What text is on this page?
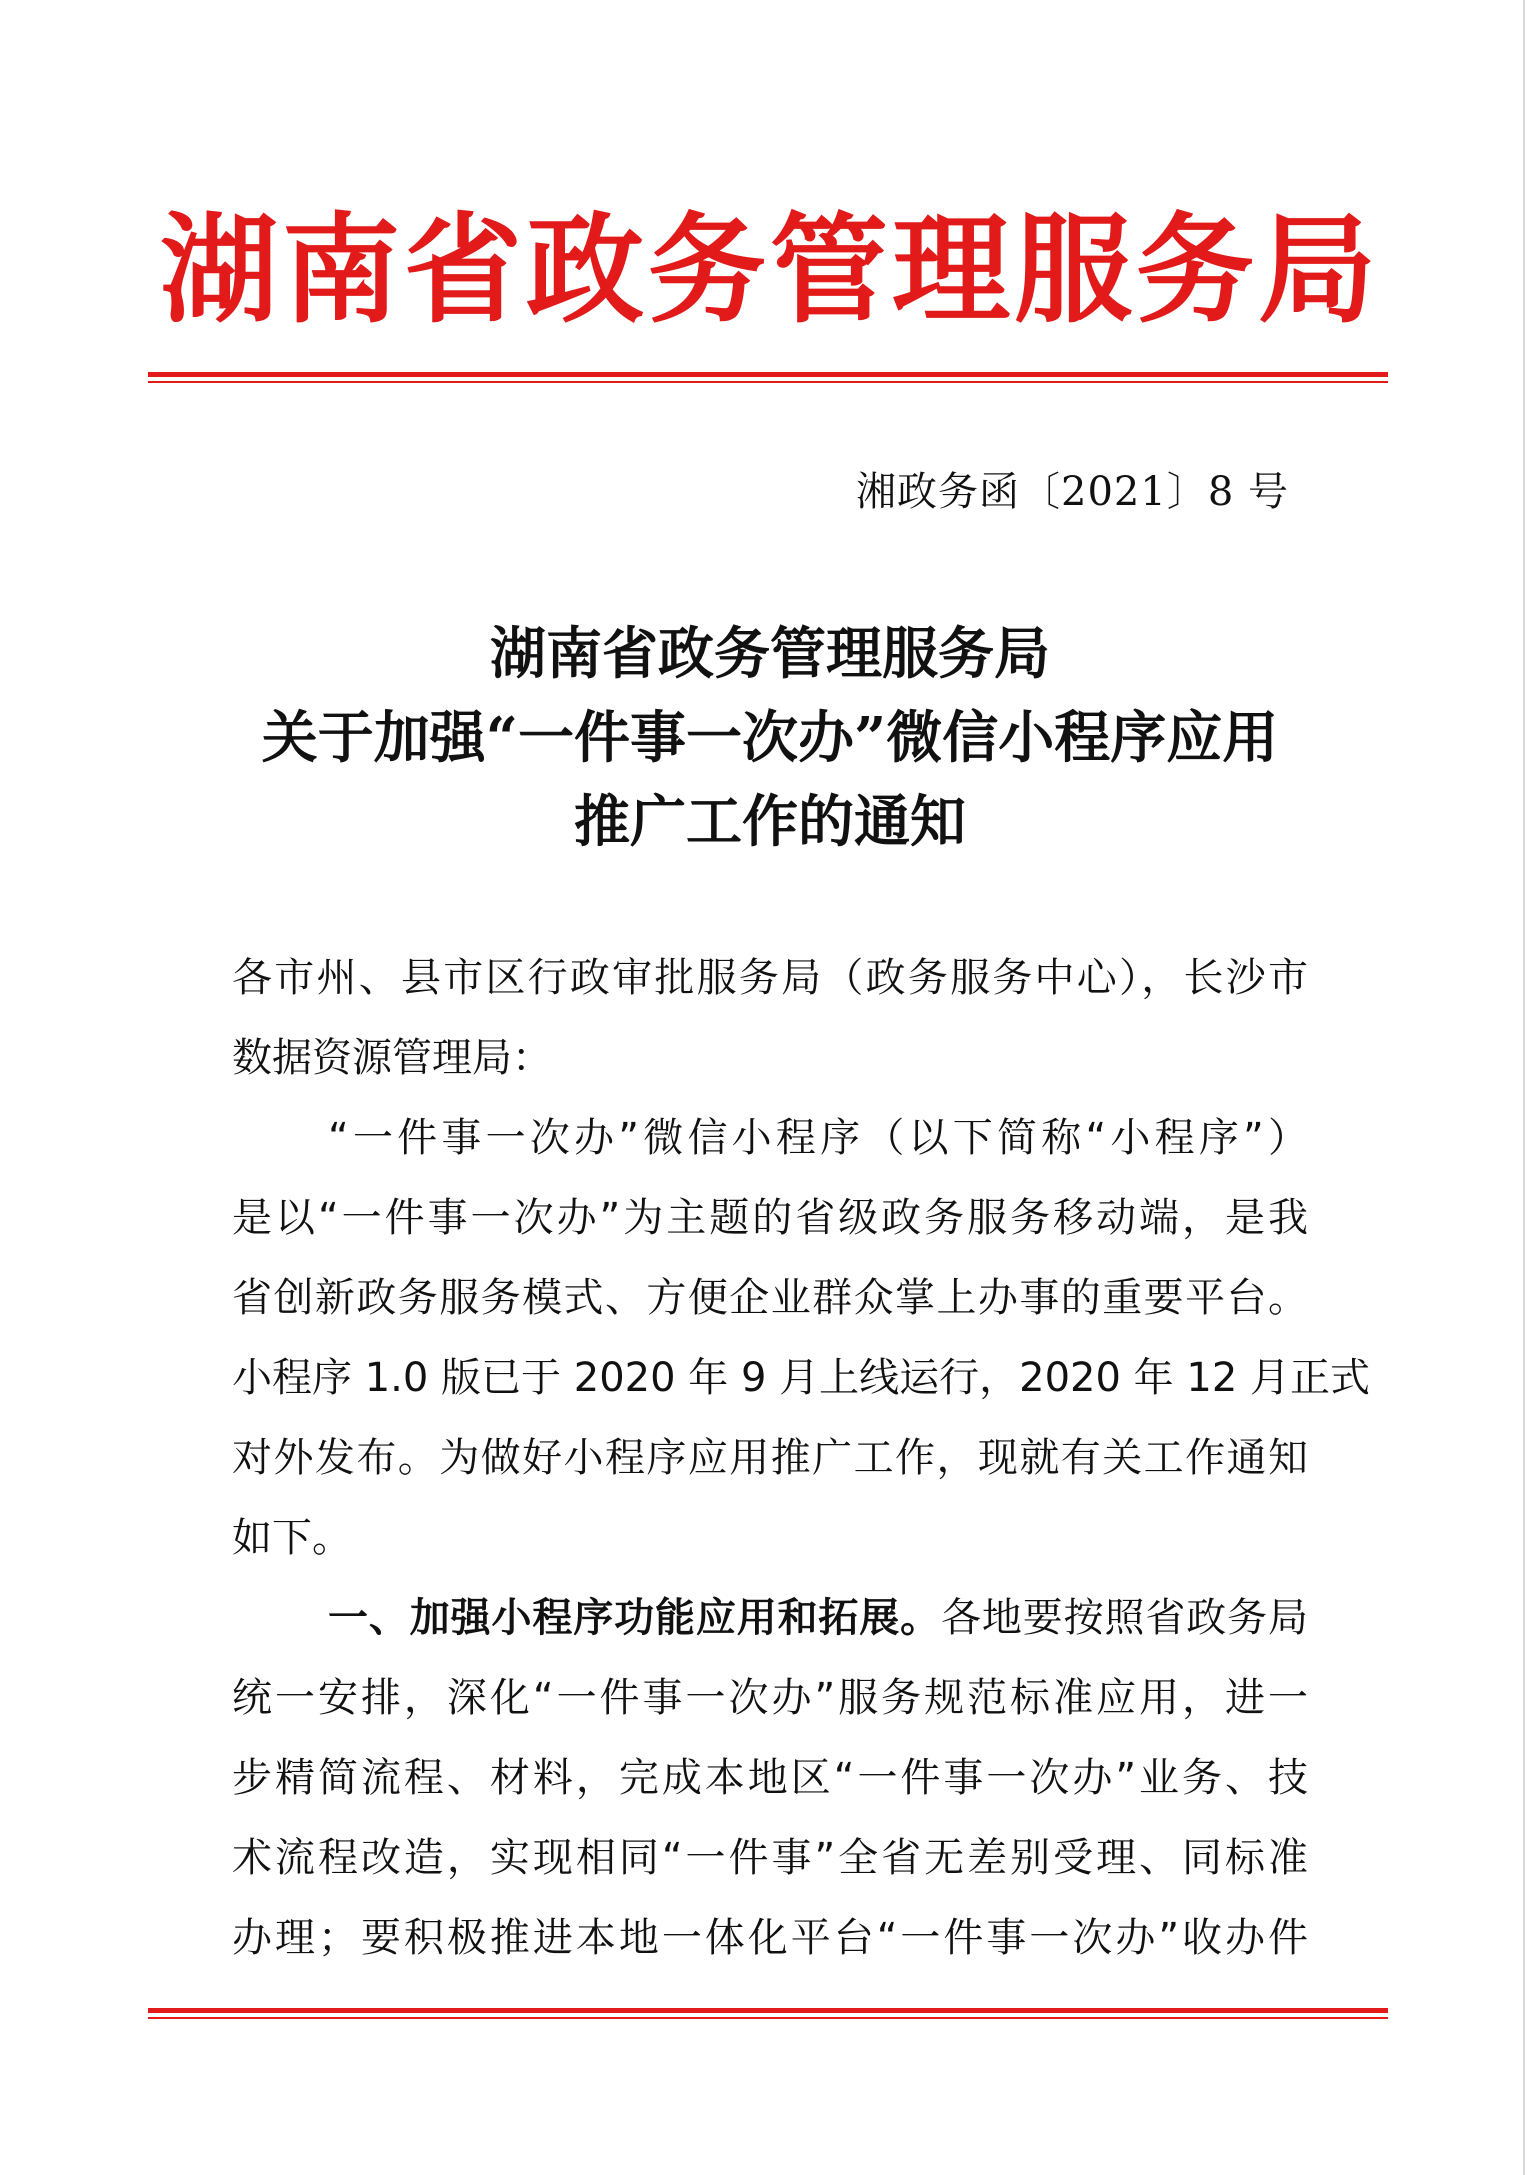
湖南省政务管理服务局
湘政务函〔2021〕8 号
湖南省政务管理服务局
关于加强“一件事一次办”微信小程序应用
推广工作的通知
各市州、县市区行政审批服务局（政务服务中心），长沙市
数据资源管理局：
“一件事一次办”微信小程序（以下简称“小程序”）
是以“一件事一次办”为主题的省级政务服务移动端，是我
省创新政务服务模式、方便企业群众掌上办事的重要平台。
小程序 1.0 版已于 2020 年 9 月上线运行，2020 年 12 月正式
对外发布。为做好小程序应用推广工作，现就有关工作通知
如下。
一、加强小程序功能应用和拓展。各地要按照省政务局
统一安排，深化“一件事一次办”服务规范标准应用，进一
步精简流程、材料，完成本地区“一件事一次办”业务、技
术流程改造，实现相同“一件事”全省无差别受理、同标准
办理；要积极推进本地一体化平台“一件事一次办”收办件
